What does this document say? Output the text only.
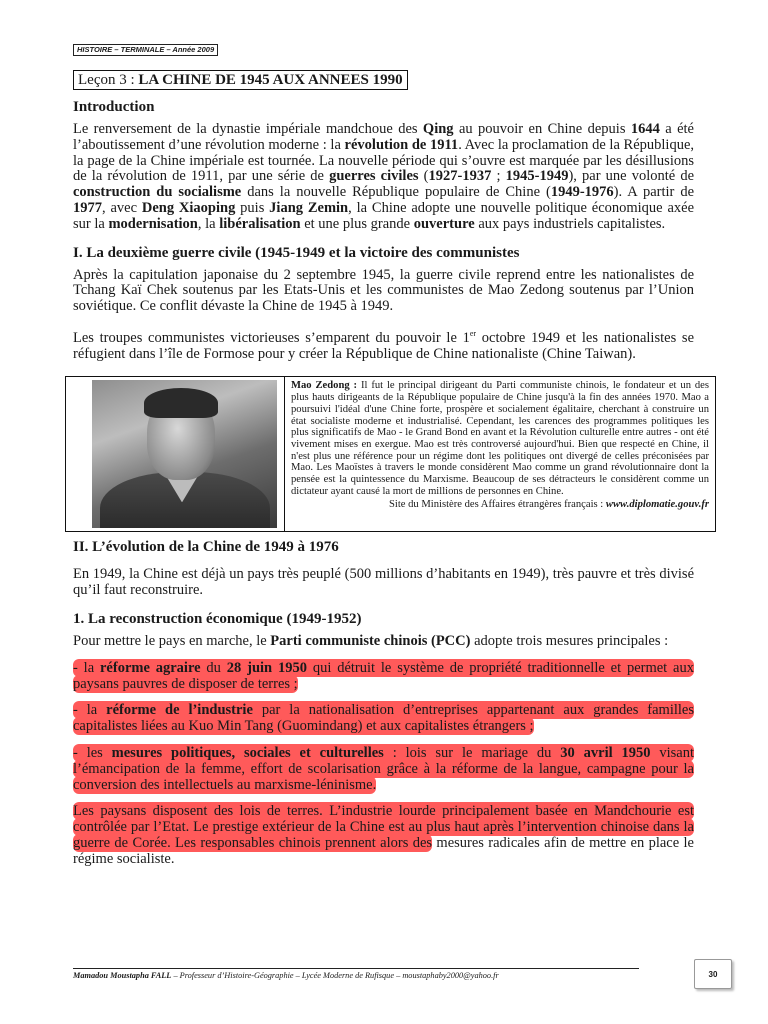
HISTOIRE – TERMINALE – Année 2009
Leçon 3 : LA CHINE DE 1945 AUX ANNEES 1990
Introduction

Le renversement de la dynastie impériale mandchoue des Qing au pouvoir en Chine depuis 1644 a été l’aboutissement d’une révolution moderne : la révolution de 1911. Avec la proclamation de la République, la page de la Chine impériale est tournée. La nouvelle période qui s’ouvre est marquée par les désillusions de la révolution de 1911, par une série de guerres civiles (1927-1937 ; 1945-1949), par une volonté de construction du socialisme dans la nouvelle République populaire de Chine (1949-1976). A partir de 1977, avec Deng Xiaoping puis Jiang Zemin, la Chine adopte une nouvelle politique économique axée sur la modernisation, la libéralisation et une plus grande ouverture aux pays industriels capitalistes.

I. La deuxième guerre civile (1945-1949 et la victoire des communistes

Après la capitulation japonaise du 2 septembre 1945, la guerre civile reprend entre les nationalistes de Tchang Kaï Chek soutenus par les Etats-Unis et les communistes de Mao Zedong soutenus par l’Union soviétique. Ce conflit dévaste la Chine de 1945 à 1949.

Les troupes communistes victorieuses s’emparent du pouvoir le 1er octobre 1949 et les nationalistes se réfugient dans l’île de Formose pour y créer la République de Chine nationaliste (Chine Taiwan).

Mao Zedong : Il fut le principal dirigeant du Parti communiste chinois, le fondateur et un des plus hauts dirigeants de la République populaire de Chine jusqu'à la fin des années 1970. Mao a poursuivi l'idéal d'une Chine forte, prospère et socialement égalitaire, cherchant à construire un état socialiste moderne et industrialisé. Cependant, les carences des programmes politiques les plus significatifs de Mao - le Grand Bond en avant et la Révolution culturelle entre autres - ont été vivement mises en exergue. Mao est très controversé aujourd'hui. Bien que respecté en Chine, il n'est plus une référence pour un régime dont les politiques ont divergé de celles préconisées par Mao. Les Maoïstes à travers le monde considèrent Mao comme un grand révolutionnaire dont la pensée est la quintessence du Marxisme. Beaucoup de ses détracteurs le considèrent comme un dictateur ayant causé la mort de millions de personnes en Chine.
Site du Ministère des Affaires étrangères français : www.diplomatie.gouv.fr
II. L’évolution de la Chine de 1949 à 1976

En 1949, la Chine est déjà un pays très peuplé (500 millions d’habitants en 1949), très pauvre et très divisé qu’il faut reconstruire.

1. La reconstruction économique (1949-1952)

Pour mettre le pays en marche, le Parti communiste chinois (PCC) adopte trois mesures principales :

- la réforme agraire du 28 juin 1950 qui détruit le système de propriété traditionnelle et permet aux paysans pauvres de disposer de terres ;

- la réforme de l’industrie par la nationalisation d’entreprises appartenant aux grandes familles capitalistes liées au Kuo Min Tang (Guomindang) et aux capitalistes étrangers ;

- les mesures politiques, sociales et culturelles : lois sur le mariage du 30 avril 1950 visant l’émancipation de la femme, effort de scolarisation grâce à la réforme de la langue, campagne pour la conversion des intellectuels au marxisme-léninisme.

Les paysans disposent des lois de terres. L’industrie lourde principalement basée en Mandchourie est contrôlée par l’Etat. Le prestige extérieur de la Chine est au plus haut après l’intervention chinoise dans la guerre de Corée. Les responsables chinois prennent alors des mesures radicales afin de mettre en place le régime socialiste.

Mamadou Moustapha FALL – Professeur d’Histoire-Géographie – Lycée Moderne de Rufisque – moustaphaby2000@yahoo.fr	30
